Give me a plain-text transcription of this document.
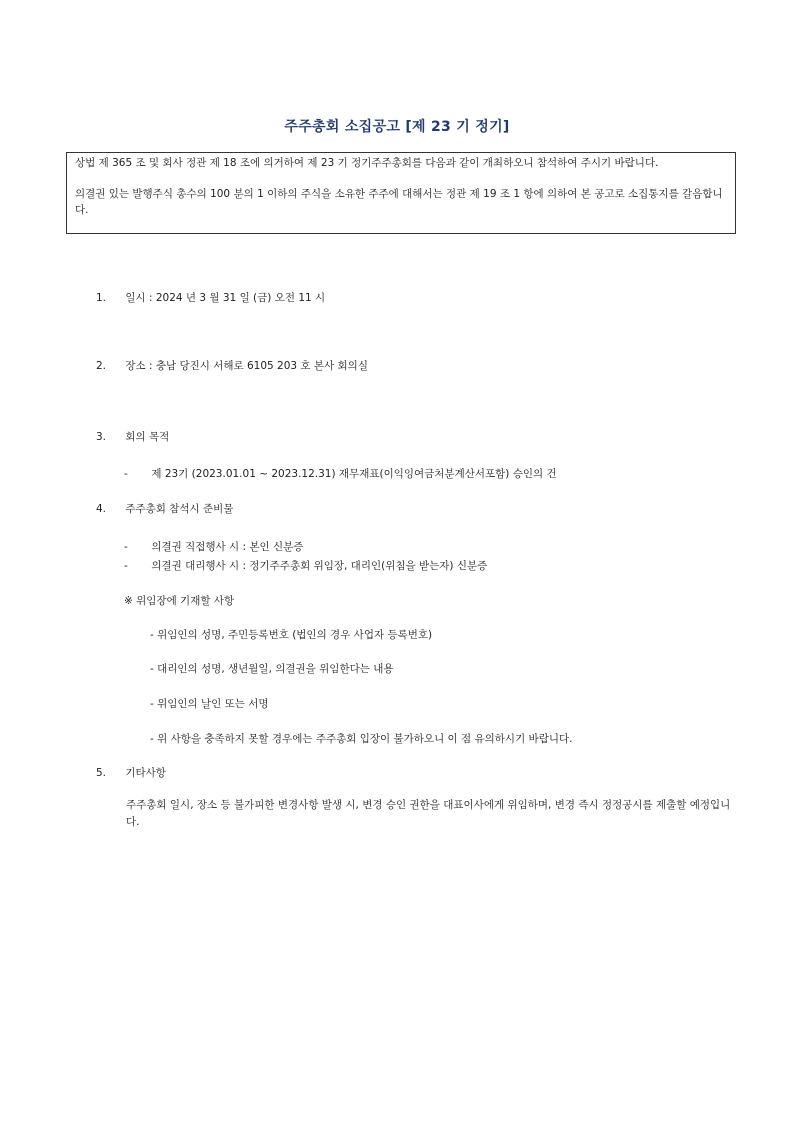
주주총회 소집공고 [제 23 기 정기]

상법 제 365 조 및 회사 정관 제 18 조에 의거하여 제 23 기 정기주주총회를 다음과 같이 개최하오니 참석하여 주시기 바랍니다.

의결권 있는 발행주식 총수의 100 분의 1 이하의 주식을 소유한 주주에 대해서는 정관 제 19 조 1 항에 의하여 본 공고로 소집통지를 갈음합니다.

1. 일시 : 2024 년 3 월 31 일 (금) 오전 11 시
2. 장소 : 충남 당진시 서해로 6105 203 호 본사 회의실
3. 회의 목적
- 제 23기 (2023.01.01 ~ 2023.12.31) 재무재표(이익잉여금처분계산서포함) 승인의 건
4. 주주총회 참석시 준비물
- 의결권 직접행사 시 : 본인 신분증
- 의결권 대리행사 시 : 정기주주총회 위임장, 대리인(위침을 받는자) 신분증
※ 위임장에 기재할 사항
- 위임인의 성명, 주민등록번호 (법인의 경우 사업자 등록번호)
- 대리인의 성명, 생년월일, 의결권을 위임한다는 내용
- 위임인의 날인 또는 서명
- 위 사항을 충족하지 못할 경우에는 주주총회 입장이 불가하오니 이 점 유의하시기 바랍니다.
5. 기타사항

주주총회 일시, 장소 등 불가피한 변경사항 발생 시, 변경 승인 권한을 대표이사에게 위임하며, 변경 즉시 정정공시를 제출할 예정입니다.
